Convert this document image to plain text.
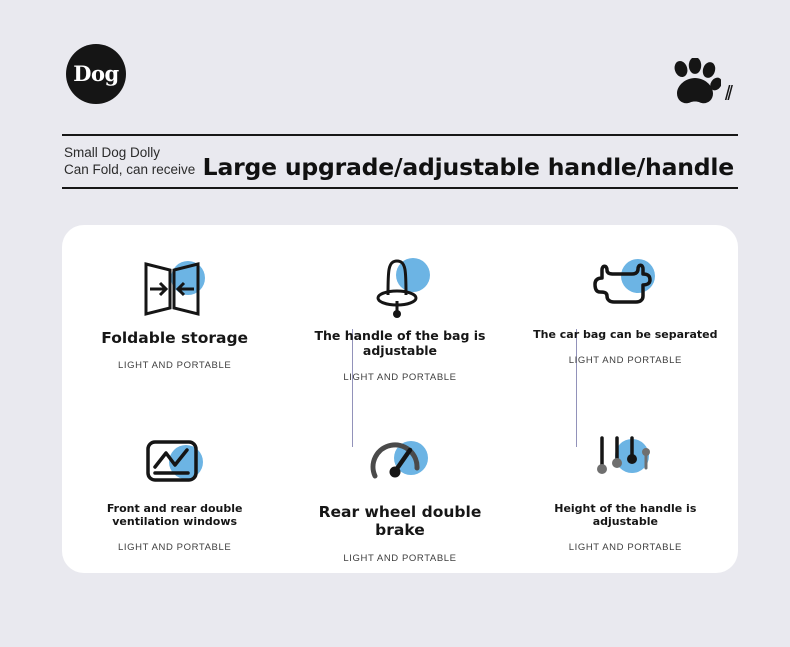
Dog
//
Small Dog Dolly
Can Fold, can receive Large upgrade/adjustable handle/handle
Foldable storage
LIGHT AND PORTABLE
The handle of the bag is adjustable
LIGHT AND PORTABLE
The car bag can be separated
LIGHT AND PORTABLE
Front and rear double ventilation windows
LIGHT AND PORTABLE
Rear wheel double brake
LIGHT AND PORTABLE
Height of the handle is adjustable
LIGHT AND PORTABLE
